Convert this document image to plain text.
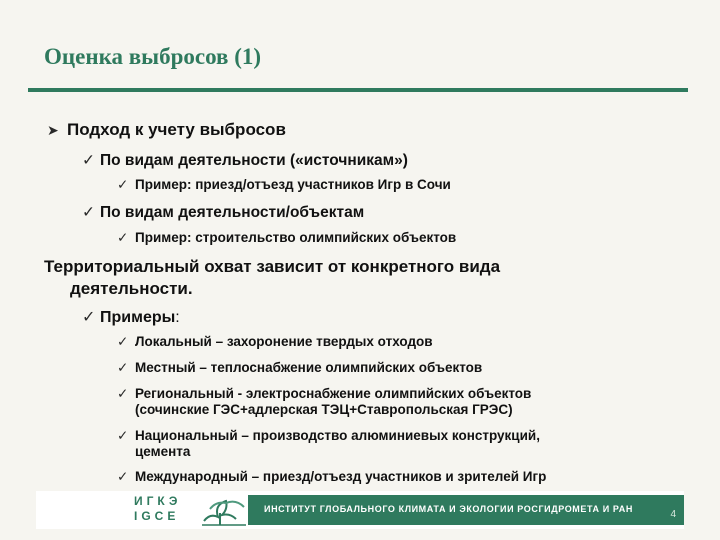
Оценка выбросов (1)
➤ Подход к учету выбросов
✓ По видам деятельности («источникам»)
✓ Пример: приезд/отъезд участников Игр в Сочи
✓ По видам деятельности/объектам
✓ Пример: строительство олимпийских объектов
Территориальный охват зависит от конкретного вида
деятельности.
✓ Примеры:
✓ Локальный – захоронение твердых отходов
✓ Местный – теплоснабжение олимпийских объектов
✓ Региональный - электроснабжение олимпийских объектов
(сочинские ГЭС+адлерская ТЭЦ+Ставропольская ГРЭС)
✓ Национальный – производство алюминиевых конструкций,
цемента
✓ Международный – приезд/отъезд участников и зрителей Игр
ИГКЭ
IGCE	ИНСТИТУТ ГЛОБАЛЬНОГО КЛИМАТА И ЭКОЛОГИИ РОСГИДРОМЕТА И РАН	4
